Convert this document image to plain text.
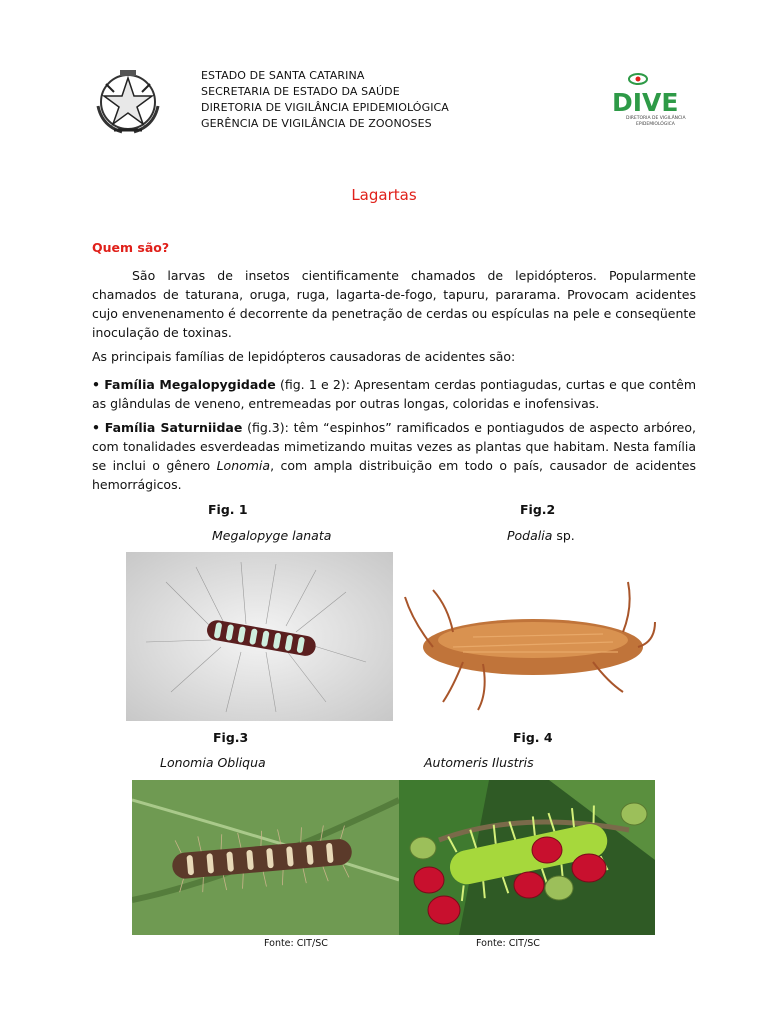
ESTADO DE SANTA CATARINA
SECRETARIA DE ESTADO DA SAÚDE
DIRETORIA DE VIGILÂNCIA EPIDEMIOLÓGICA
GERÊNCIA DE VIGILÂNCIA DE ZOONOSES
DIVE
DIRETORIA DE VIGILÂNCIA
EPIDEMIOLÓGICA
Lagartas
Quem são?
São larvas de insetos cientificamente chamados de lepidópteros. Popularmente chamados de taturana, oruga, ruga, lagarta-de-fogo, tapuru, pararama. Provocam acidentes cujo envenenamento é decorrente da penetração de cerdas ou espículas na pele e conseqüente inoculação de toxinas.
As principais famílias de lepidópteros causadoras de acidentes são:
• Família Megalopygidade (fig. 1 e 2): Apresentam cerdas pontiagudas, curtas e que contêm as glândulas de veneno, entremeadas por outras longas, coloridas e inofensivas.
• Família Saturniidae (fig.3): têm “espinhos” ramificados e pontiagudos de aspecto arbóreo, com tonalidades esverdeadas mimetizando muitas vezes as plantas que habitam. Nesta família se inclui o gênero Lonomia, com ampla distribuição em todo o país, causador de acidentes hemorrágicos.
Fig. 1	Fig.2
Megalopyge lanata	Podalia sp.
Fig.3	Fig. 4
Lonomia Obliqua	Automeris Ilustris
Fonte: CIT/SC	Fonte: CIT/SC
